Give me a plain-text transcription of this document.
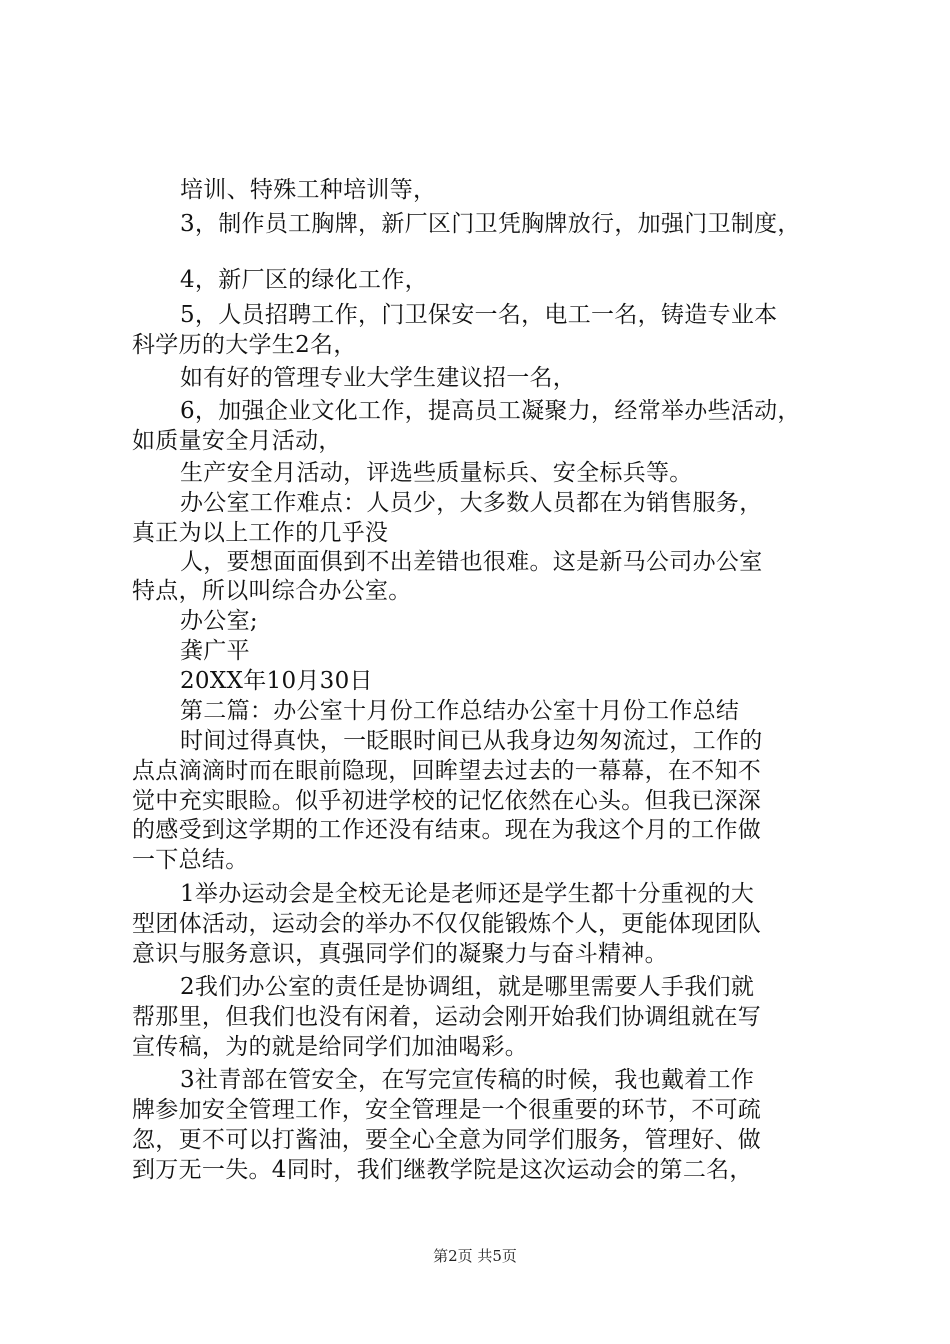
培训、特殊工种培训等，
3，制作员工胸牌，新厂区门卫凭胸牌放行，加强门卫制度，
4，新厂区的绿化工作，
5，人员招聘工作，门卫保安一名，电工一名，铸造专业本
科学历的大学生2名，
如有好的管理专业大学生建议招一名，
6，加强企业文化工作，提高员工凝聚力，经常举办些活动，
如质量安全月活动，
生产安全月活动，评选些质量标兵、安全标兵等。
办公室工作难点：人员少，大多数人员都在为销售服务，
真正为以上工作的几乎没
人，要想面面俱到不出差错也很难。这是新马公司办公室
特点，所以叫综合办公室。
办公室;
龚广平
20XX年10月30日
第二篇：办公室十月份工作总结办公室十月份工作总结
时间过得真快，一眨眼时间已从我身边匆匆流过，工作的
点点滴滴时而在眼前隐现，回眸望去过去的一幕幕，在不知不
觉中充实眼睑。似乎初进学校的记忆依然在心头。但我已深深
的感受到这学期的工作还没有结束。现在为我这个月的工作做
一下总结。
1举办运动会是全校无论是老师还是学生都十分重视的大
型团体活动，运动会的举办不仅仅能锻炼个人，更能体现团队
意识与服务意识，真强同学们的凝聚力与奋斗精神。
2我们办公室的责任是协调组，就是哪里需要人手我们就
帮那里，但我们也没有闲着，运动会刚开始我们协调组就在写
宣传稿，为的就是给同学们加油喝彩。
3社青部在管安全，在写完宣传稿的时候，我也戴着工作
牌参加安全管理工作，安全管理是一个很重要的环节，不可疏
忽，更不可以打酱油，要全心全意为同学们服务，管理好、做
到万无一失。4同时，我们继教学院是这次运动会的第二名，
第2页 共5页
